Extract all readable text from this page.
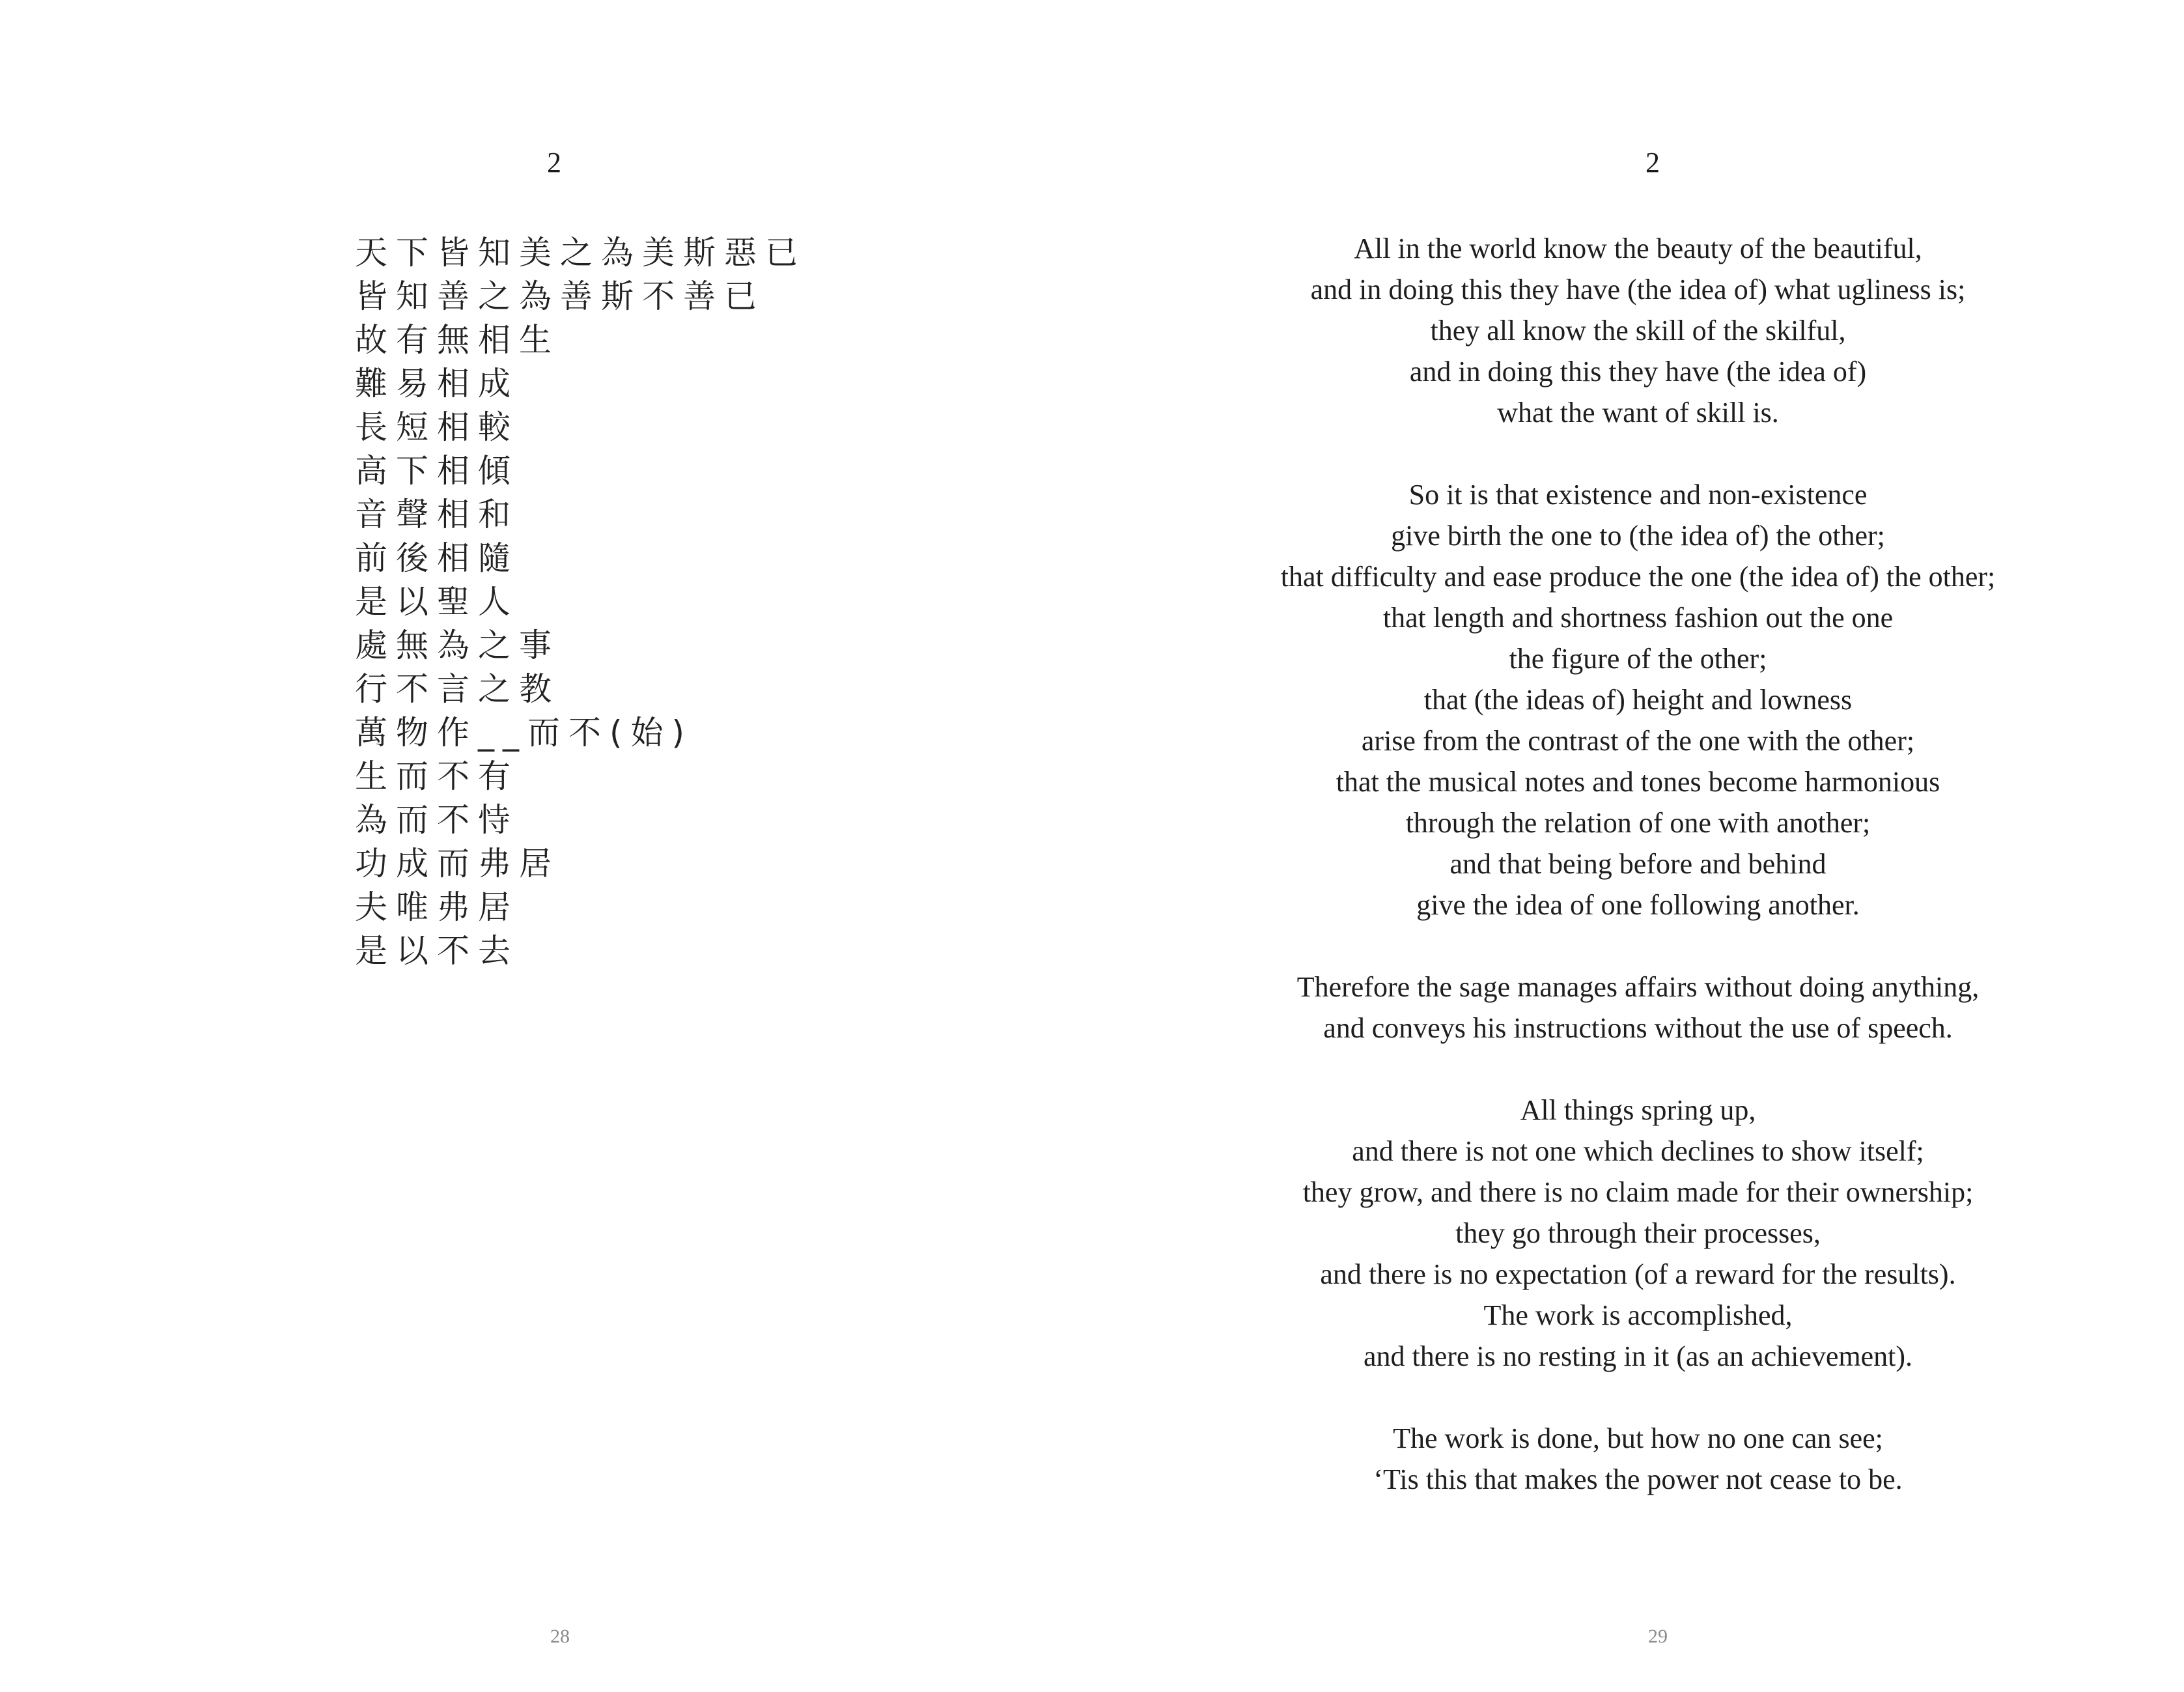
2
天下皆知美之為美斯惡已
皆知善之為善斯不善已
故有無相生
難易相成
長短相較
高下相傾
音聲相和
前後相隨
是以聖人
處無為之事
行不言之教
萬物作__而不(始)
生而不有
為而不恃
功成而弗居
夫唯弗居
是以不去
28
2
All in the world know the beauty of the beautiful,
and in doing this they have (the idea of) what ugliness is;
they all know the skill of the skilful,
and in doing this they have (the idea of)
what the want of skill is.
So it is that existence and non-existence
give birth the one to (the idea of) the other;
that difficulty and ease produce the one (the idea of) the other;
that length and shortness fashion out the one
the figure of the other;
that (the ideas of) height and lowness
arise from the contrast of the one with the other;
that the musical notes and tones become harmonious
through the relation of one with another;
and that being before and behind
give the idea of one following another.
Therefore the sage manages affairs without doing anything,
and conveys his instructions without the use of speech.
All things spring up,
and there is not one which declines to show itself;
they grow, and there is no claim made for their ownership;
they go through their processes,
and there is no expectation (of a reward for the results).
The work is accomplished,
and there is no resting in it (as an achievement).
The work is done, but how no one can see;
‘Tis this that makes the power not cease to be.
29
